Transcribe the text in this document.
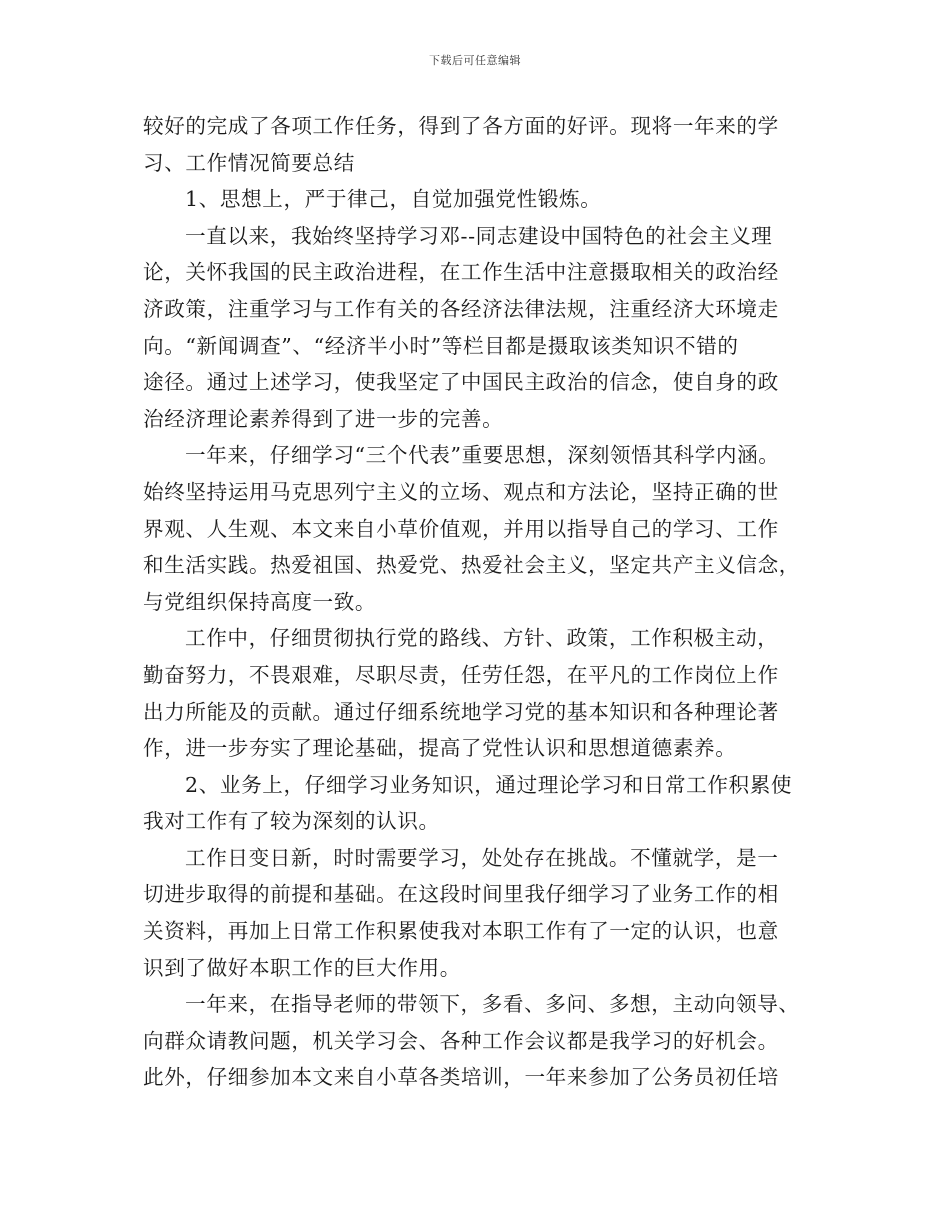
下载后可任意编辑
较好的完成了各项工作任务，得到了各方面的好评。现将一年来的学
习、工作情况简要总结
1、思想上，严于律己，自觉加强党性锻炼。
一直以来，我始终坚持学习邓--同志建设中国特色的社会主义理
论，关怀我国的民主政治进程，在工作生活中注意摄取相关的政治经
济政策，注重学习与工作有关的各经济法律法规，注重经济大环境走
向。“新闻调查”、“经济半小时”等栏目都是摄取该类知识不错的
途径。通过上述学习，使我坚定了中国民主政治的信念，使自身的政
治经济理论素养得到了进一步的完善。
一年来，仔细学习“三个代表”重要思想，深刻领悟其科学内涵。
始终坚持运用马克思列宁主义的立场、观点和方法论，坚持正确的世
界观、人生观、本文来自小草价值观，并用以指导自己的学习、工作
和生活实践。热爱祖国、热爱党、热爱社会主义，坚定共产主义信念，
与党组织保持高度一致。
工作中，仔细贯彻执行党的路线、方针、政策，工作积极主动，
勤奋努力，不畏艰难，尽职尽责，任劳任怨，在平凡的工作岗位上作
出力所能及的贡献。通过仔细系统地学习党的基本知识和各种理论著
作，进一步夯实了理论基础，提高了党性认识和思想道德素养。
2、业务上，仔细学习业务知识，通过理论学习和日常工作积累使
我对工作有了较为深刻的认识。
工作日变日新，时时需要学习，处处存在挑战。不懂就学，是一
切进步取得的前提和基础。在这段时间里我仔细学习了业务工作的相
关资料，再加上日常工作积累使我对本职工作有了一定的认识，也意
识到了做好本职工作的巨大作用。
一年来，在指导老师的带领下，多看、多问、多想，主动向领导、
向群众请教问题，机关学习会、各种工作会议都是我学习的好机会。
此外，仔细参加本文来自小草各类培训，一年来参加了公务员初任培
